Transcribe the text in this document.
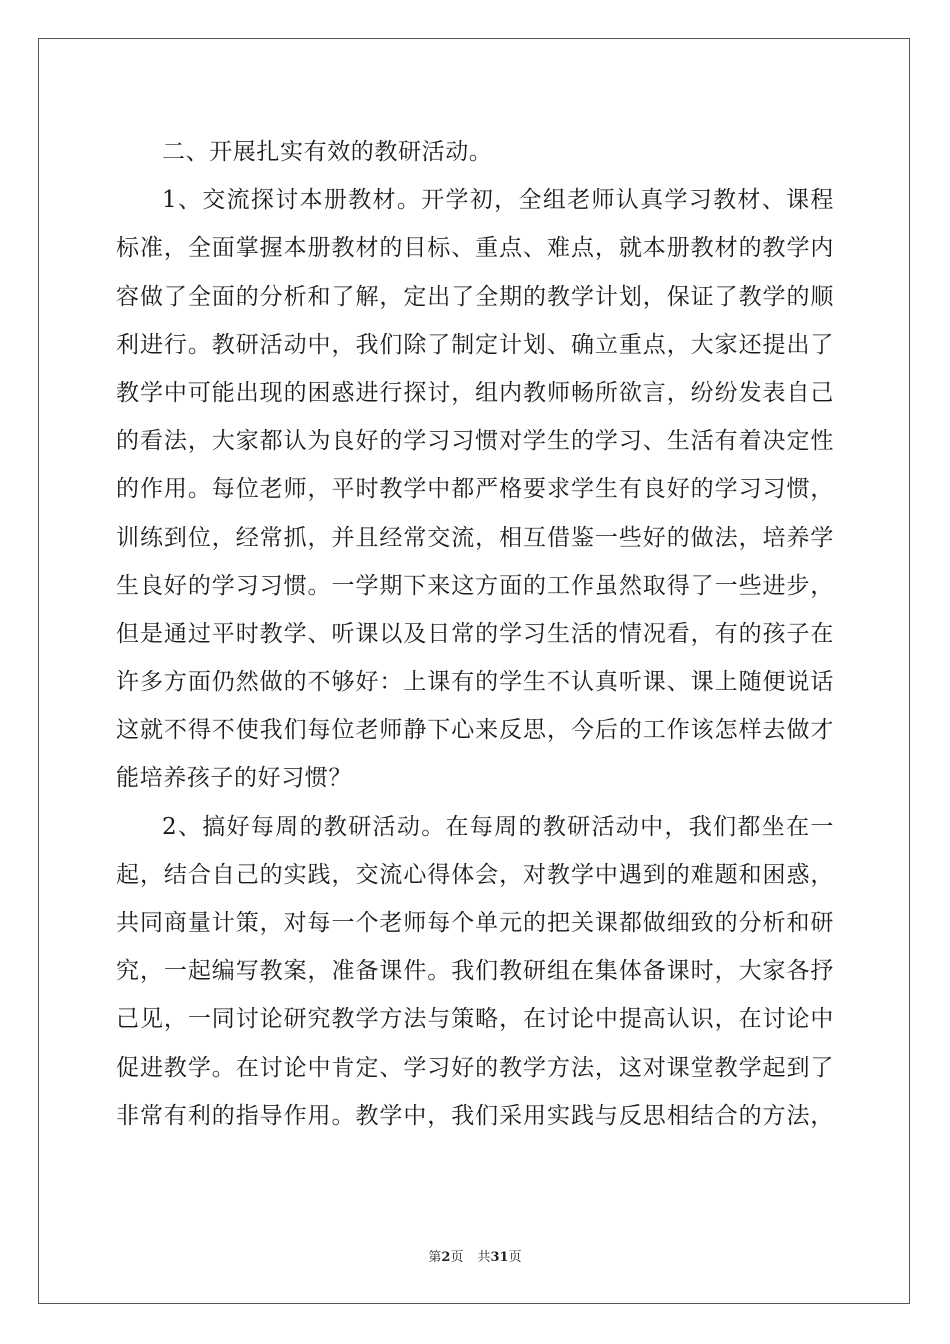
二、开展扎实有效的教研活动。
1、交流探讨本册教材。开学初，全组老师认真学习教材、课程
标准，全面掌握本册教材的目标、重点、难点，就本册教材的教学内
容做了全面的分析和了解，定出了全期的教学计划，保证了教学的顺
利进行。教研活动中，我们除了制定计划、确立重点，大家还提出了
教学中可能出现的困惑进行探讨，组内教师畅所欲言，纷纷发表自己
的看法，大家都认为良好的学习习惯对学生的学习、生活有着决定性
的作用。每位老师，平时教学中都严格要求学生有良好的学习习惯，
训练到位，经常抓，并且经常交流，相互借鉴一些好的做法，培养学
生良好的学习习惯。一学期下来这方面的工作虽然取得了一些进步，
但是通过平时教学、听课以及日常的学习生活的情况看，有的孩子在
许多方面仍然做的不够好：上课有的学生不认真听课、课上随便说话
这就不得不使我们每位老师静下心来反思，今后的工作该怎样去做才
能培养孩子的好习惯？
2、搞好每周的教研活动。在每周的教研活动中，我们都坐在一
起，结合自己的实践，交流心得体会，对教学中遇到的难题和困惑，
共同商量计策，对每一个老师每个单元的把关课都做细致的分析和研
究，一起编写教案，准备课件。我们教研组在集体备课时，大家各抒
己见，一同讨论研究教学方法与策略，在讨论中提高认识，在讨论中
促进教学。在讨论中肯定、学习好的教学方法，这对课堂教学起到了
非常有利的指导作用。教学中，我们采用实践与反思相结合的方法，
第2页 共31页
